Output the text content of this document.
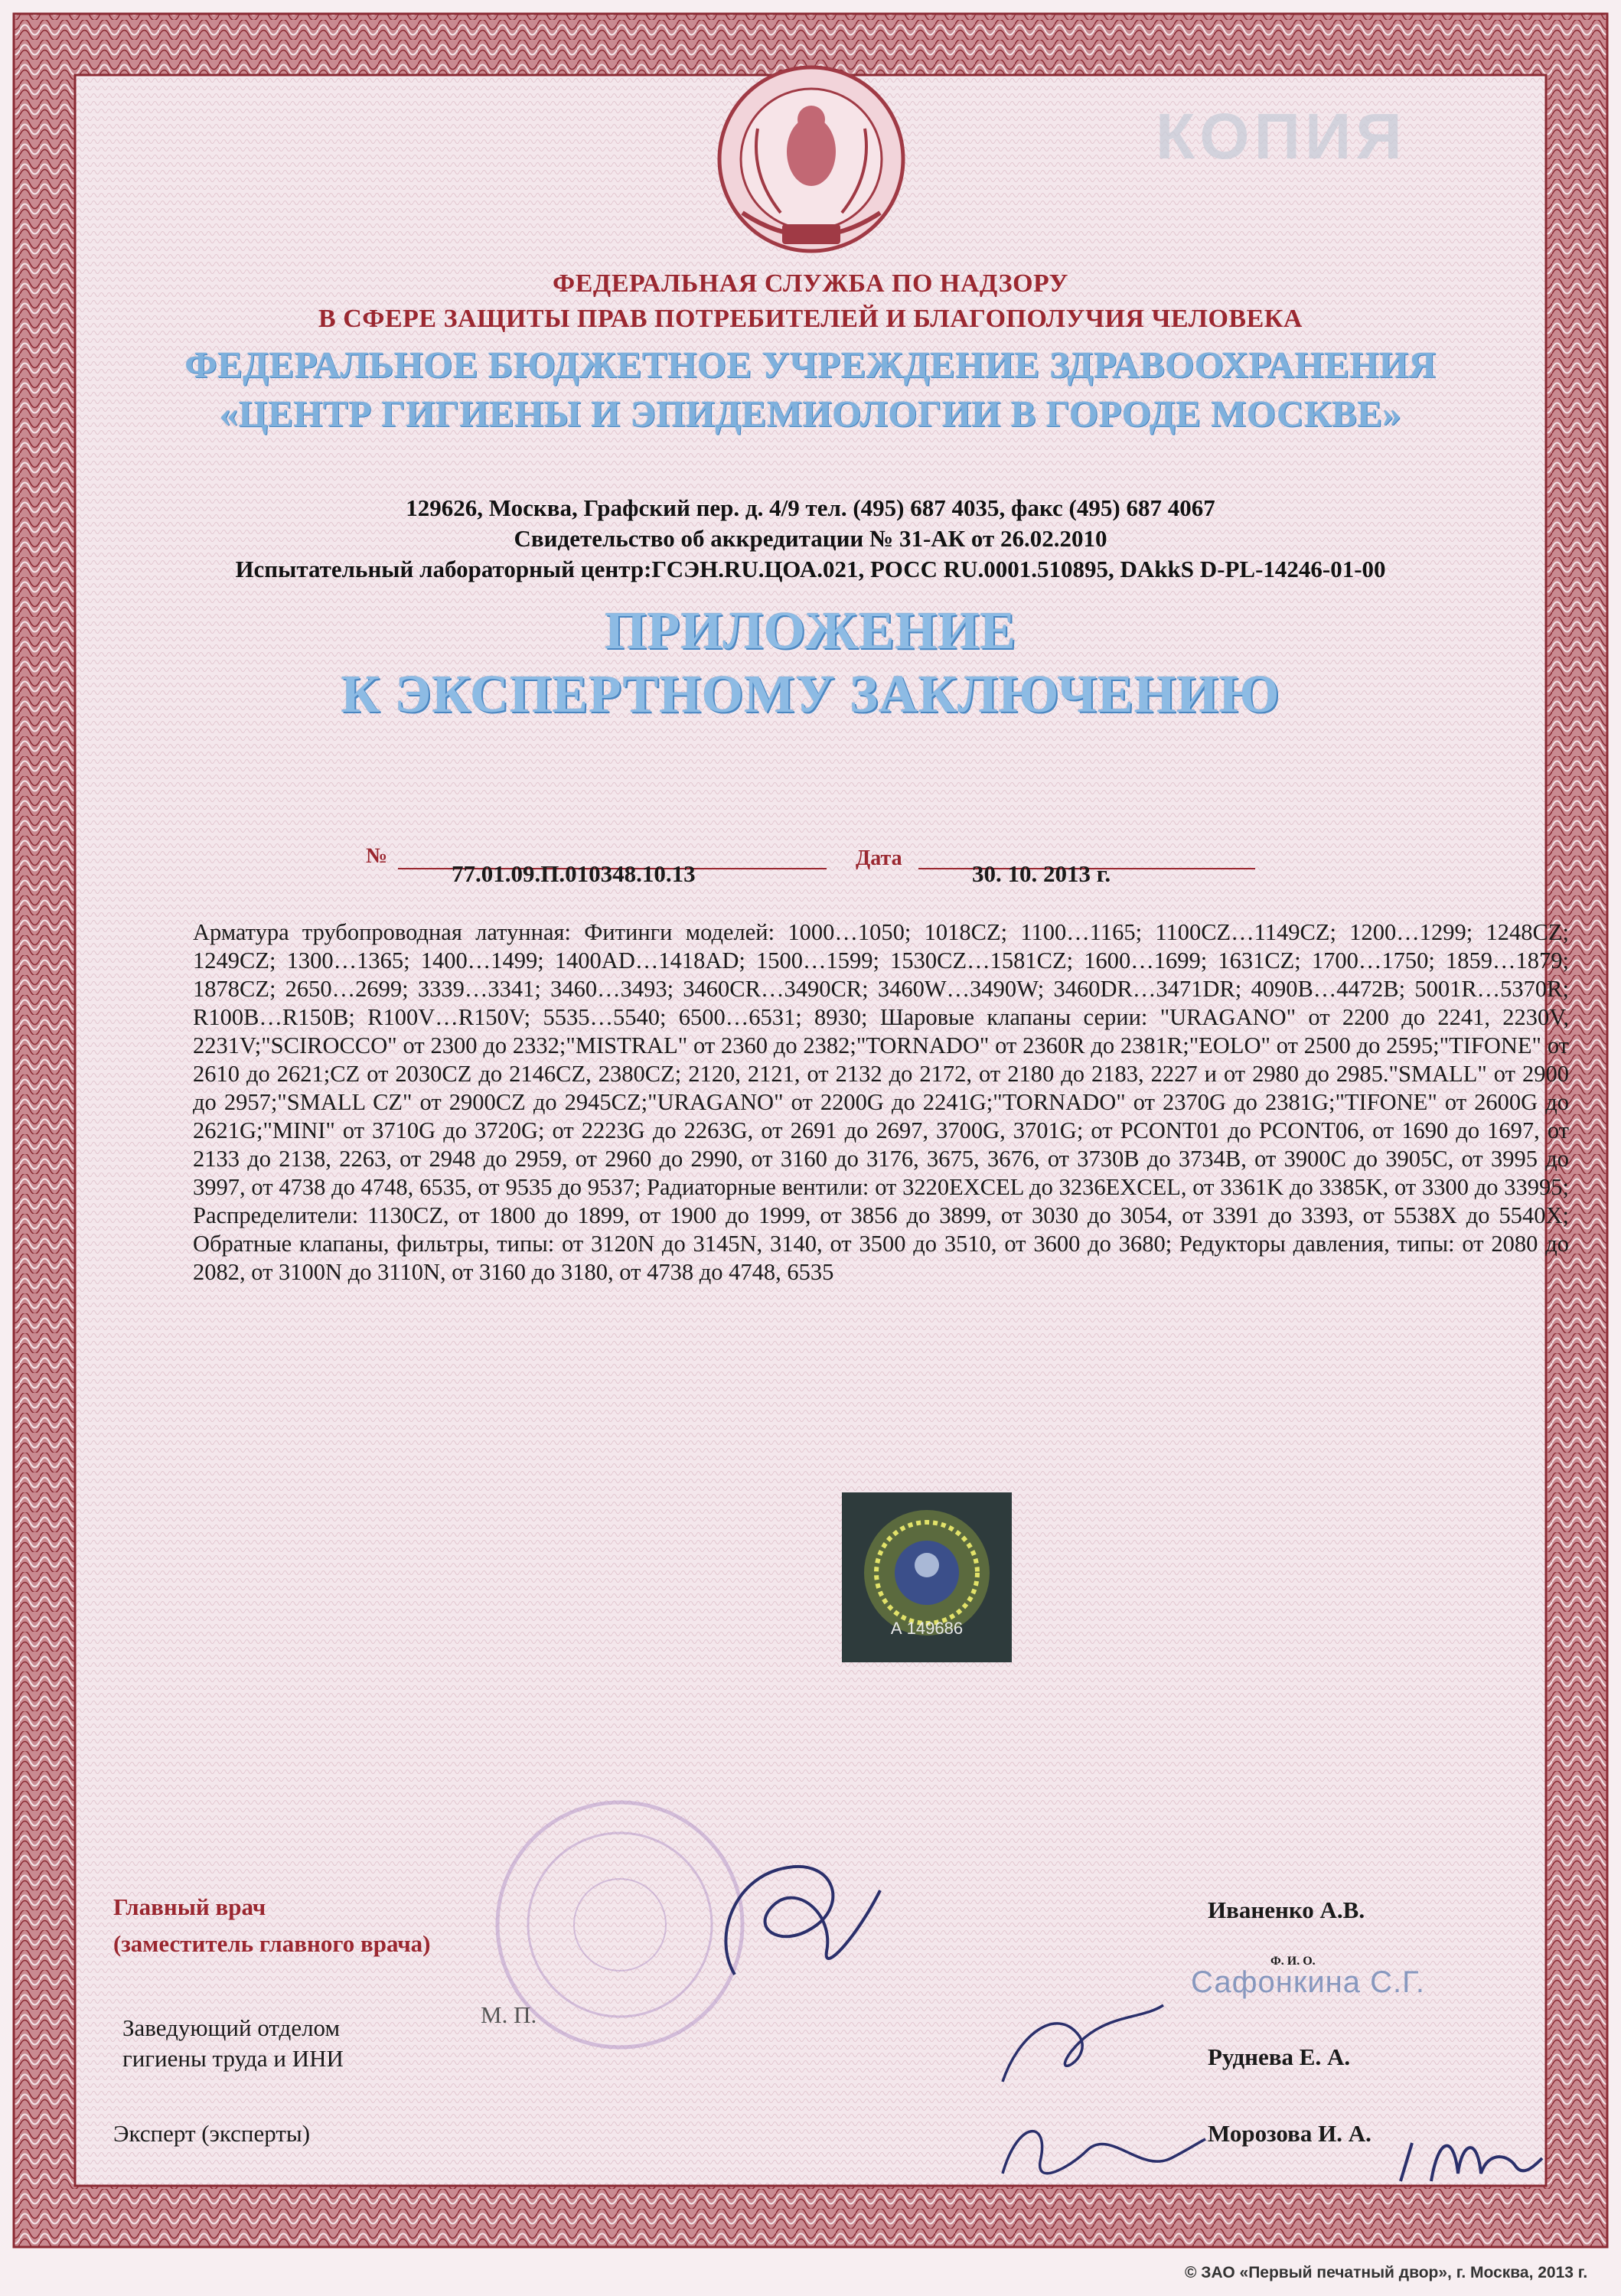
КОПИЯ
ФЕДЕРАЛЬНАЯ СЛУЖБА ПО НАДЗОРУ
В СФЕРЕ ЗАЩИТЫ ПРАВ ПОТРЕБИТЕЛЕЙ И БЛАГОПОЛУЧИЯ ЧЕЛОВЕКА
ФЕДЕРАЛЬНОЕ БЮДЖЕТНОЕ УЧРЕЖДЕНИЕ ЗДРАВООХРАНЕНИЯ
«ЦЕНТР ГИГИЕНЫ И ЭПИДЕМИОЛОГИИ В ГОРОДЕ МОСКВЕ»
129626, Москва, Графский пер. д. 4/9 тел. (495) 687 4035, факс (495) 687 4067
Свидетельство об аккредитации № 31-АК от 26.02.2010
Испытательный лабораторный центр:ГСЭН.RU.ЦОА.021, РОСС RU.0001.510895, DAkkS D-PL-14246-01-00
ПРИЛОЖЕНИЕ
К ЭКСПЕРТНОМУ ЗАКЛЮЧЕНИЮ
№
77.01.09.П.010348.10.13
Дата
30. 10. 2013 г.
Арматура трубопроводная латунная: Фитинги моделей: 1000…1050; 1018CZ; 1100…1165; 1100CZ…1149CZ; 1200…1299; 1248CZ; 1249CZ; 1300…1365; 1400…1499; 1400AD…1418AD; 1500…1599; 1530CZ…1581CZ; 1600…1699; 1631CZ; 1700…1750; 1859…1879; 1878CZ; 2650…2699; 3339…3341; 3460…3493; 3460CR…3490CR; 3460W…3490W; 3460DR…3471DR; 4090B…4472B; 5001R…5370R; R100B…R150B; R100V…R150V; 5535…5540; 6500…6531; 8930; Шаровые клапаны серии: "URAGANO" от 2200 до 2241, 2230V, 2231V;"SCIROCCO" от 2300 до 2332;"MISTRAL" от 2360 до 2382;"TORNADO" от 2360R до 2381R;"EOLO" от 2500 до 2595;"TIFONE" от 2610 до 2621;CZ от 2030CZ до 2146CZ, 2380CZ; 2120, 2121, от 2132 до 2172, от 2180 до 2183, 2227 и от 2980 до 2985."SMALL" от 2900 до 2957;"SMALL CZ" от 2900CZ до 2945CZ;"URAGANO" от 2200G до 2241G;"TORNADO" от 2370G до 2381G;"TIFONE" от 2600G до 2621G;"MINI" от 3710G до 3720G; от 2223G до 2263G, от 2691 до 2697, 3700G, 3701G; от PCONT01 до PCONT06, от 1690 до 1697, от 2133 до 2138, 2263, от 2948 до 2959, от 2960 до 2990, от 3160 до 3176, 3675, 3676, от 3730B до 3734B, от 3900C до 3905C, от 3995 до 3997, от 4738 до 4748, 6535, от 9535 до 9537; Радиаторные вентили: от 3220EXCEL до 3236EXCEL, от 3361K до 3385K, от 3300 до 33995; Распределители: 1130CZ, от 1800 до 1899, от 1900 до 1999, от 3856 до 3899, от 3030 до 3054, от 3391 до 3393, от 5538X до 5540X; Обратные клапаны, фильтры, типы: от 3120N до 3145N, 3140, от 3500 до 3510, от 3600 до 3680; Редукторы давления, типы: от 2080 до 2082, от 3100N до 3110N, от 3160 до 3180, от 4738 до 4748, 6535
А 149686
Главный врач
(заместитель главного врача)
Иваненко А.В.
Ф. И. О.
Сафонкина С.Г.
М. П.
Заведующий отделом
гигиены труда и ИНИ	Руднева Е. А.
Эксперт (эксперты)	Морозова И. А.
© ЗАО «Первый печатный двор», г. Москва, 2013 г.
